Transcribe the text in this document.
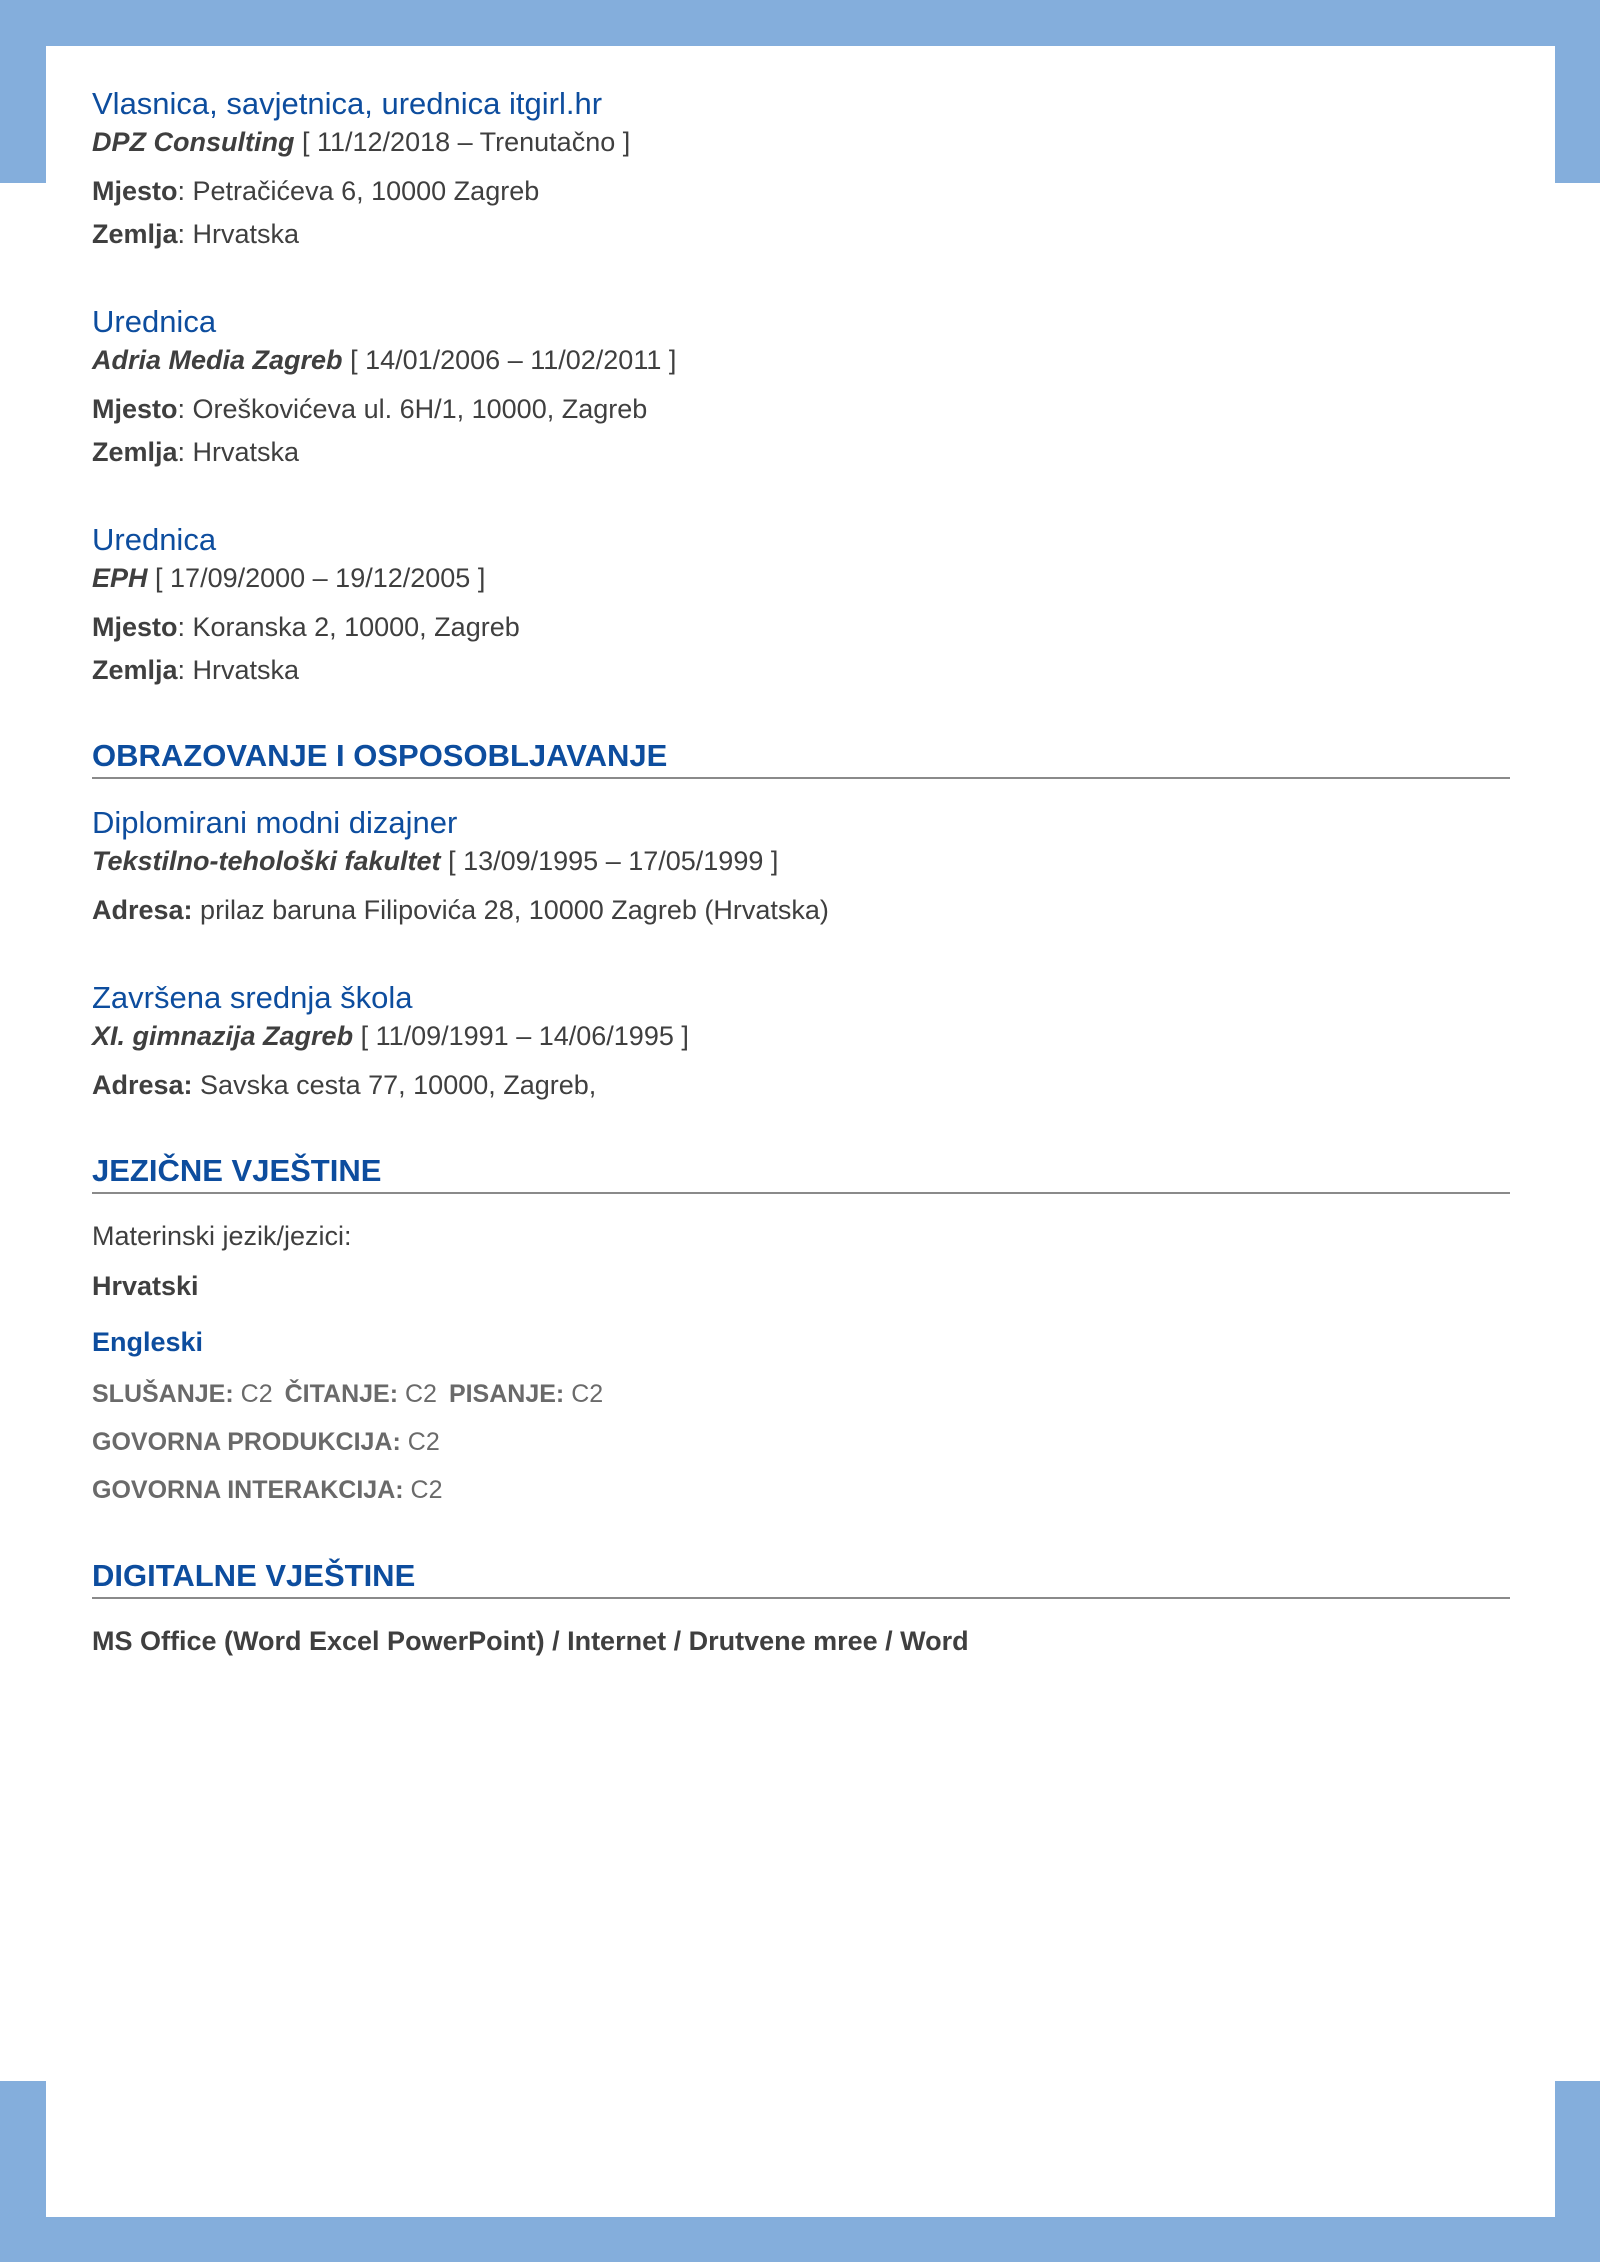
Vlasnica, savjetnica, urednica itgirl.hr
DPZ Consulting [ 11/12/2018 – Trenutačno ]
Mjesto: Petračićeva 6, 10000 Zagreb
Zemlja: Hrvatska
Urednica
Adria Media Zagreb [ 14/01/2006 – 11/02/2011 ]
Mjesto: Oreškovićeva ul. 6H/1, 10000, Zagreb
Zemlja: Hrvatska
Urednica
EPH [ 17/09/2000 – 19/12/2005 ]
Mjesto: Koranska 2, 10000, Zagreb
Zemlja: Hrvatska
OBRAZOVANJE I OSPOSOBLJAVANJE
Diplomirani modni dizajner
Tekstilno-tehološki fakultet [ 13/09/1995 – 17/05/1999 ]
Adresa: prilaz baruna Filipovića 28, 10000 Zagreb (Hrvatska)
Završena srednja škola
XI. gimnazija Zagreb [ 11/09/1991 – 14/06/1995 ]
Adresa: Savska cesta 77, 10000, Zagreb,
JEZIČNE VJEŠTINE
Materinski jezik/jezici:
Hrvatski
Engleski
SLUŠANJE: C2 ČITANJE: C2 PISANJE: C2
GOVORNA PRODUKCIJA: C2
GOVORNA INTERAKCIJA: C2
DIGITALNE VJEŠTINE
MS Office (Word Excel PowerPoint) / Internet / Drutvene mree / Word
